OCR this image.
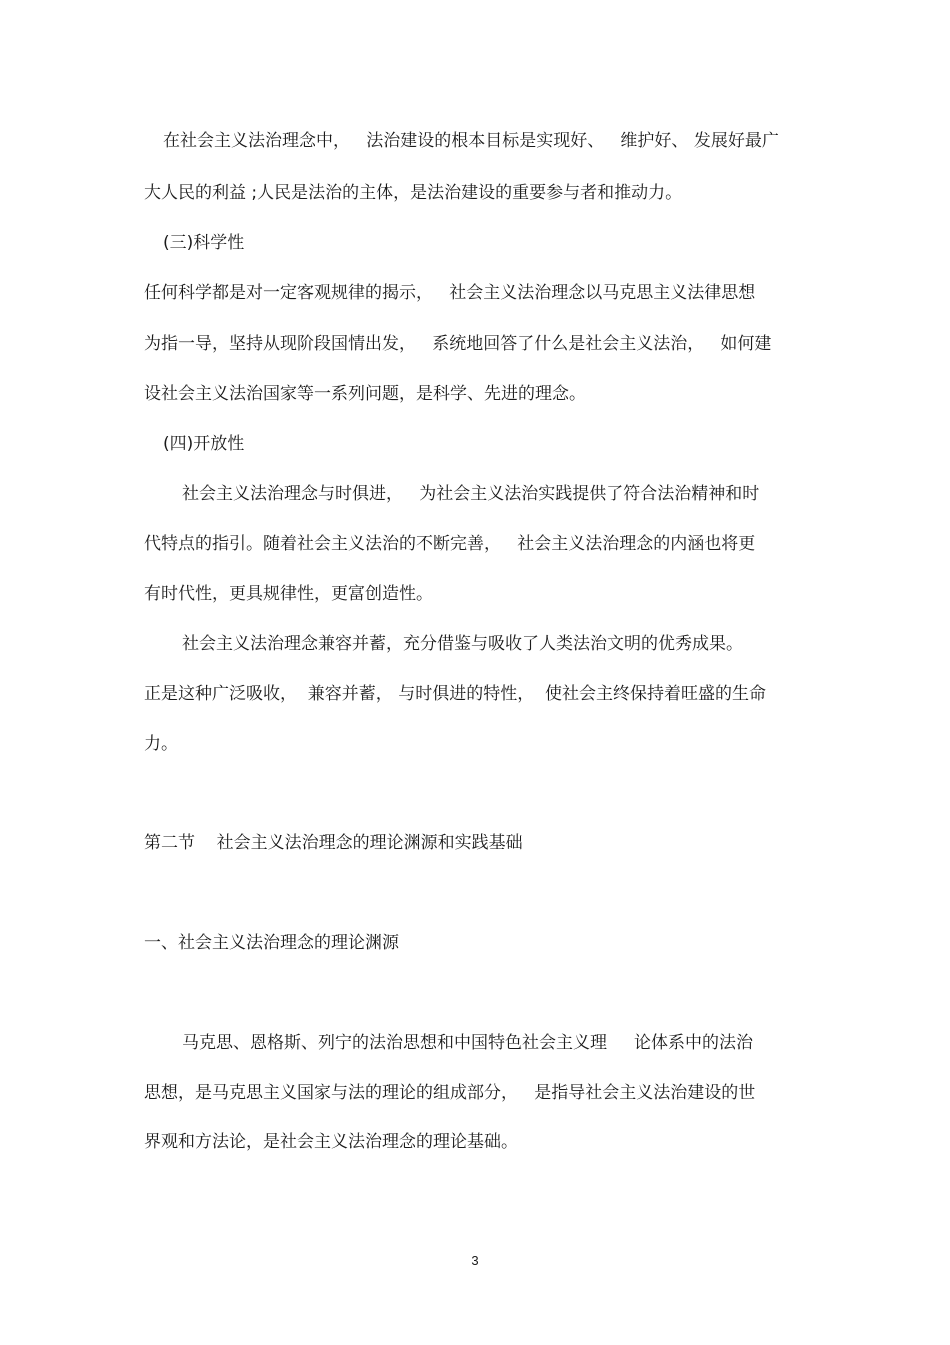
在社会主义法治理念中，   法治建设的根本目标是实现好、   维护好、 发展好最广
大人民的利益 ;人民是法治的主体，是法治建设的重要参与者和推动力。
(三)科学性
任何科学都是对一定客观规律的揭示，   社会主义法治理念以马克思主义法律思想
为指一导，坚持从现阶段国情出发，   系统地回答了什么是社会主义法治，   如何建
设社会主义法治国家等一系列问题，是科学、先进的理念。
(四)开放性
社会主义法治理念与时俱进，   为社会主义法治实践提供了符合法治精神和时
代特点的指引。随着社会主义法治的不断完善，   社会主义法治理念的内涵也将更
有时代性，更具规律性，更富创造性。
社会主义法治理念兼容并蓄，充分借鉴与吸收了人类法治文明的优秀成果。
正是这种广泛吸收，  兼容并蓄， 与时俱进的特性，  使社会主终保持着旺盛的生命
力。
第二节    社会主义法治理念的理论渊源和实践基础
一、社会主义法治理念的理论渊源
马克思、恩格斯、列宁的法治思想和中国特色社会主义理     论体系中的法治
思想，是马克思主义国家与法的理论的组成部分，   是指导社会主义法治建设的世
界观和方法论，是社会主义法治理念的理论基础。
3
